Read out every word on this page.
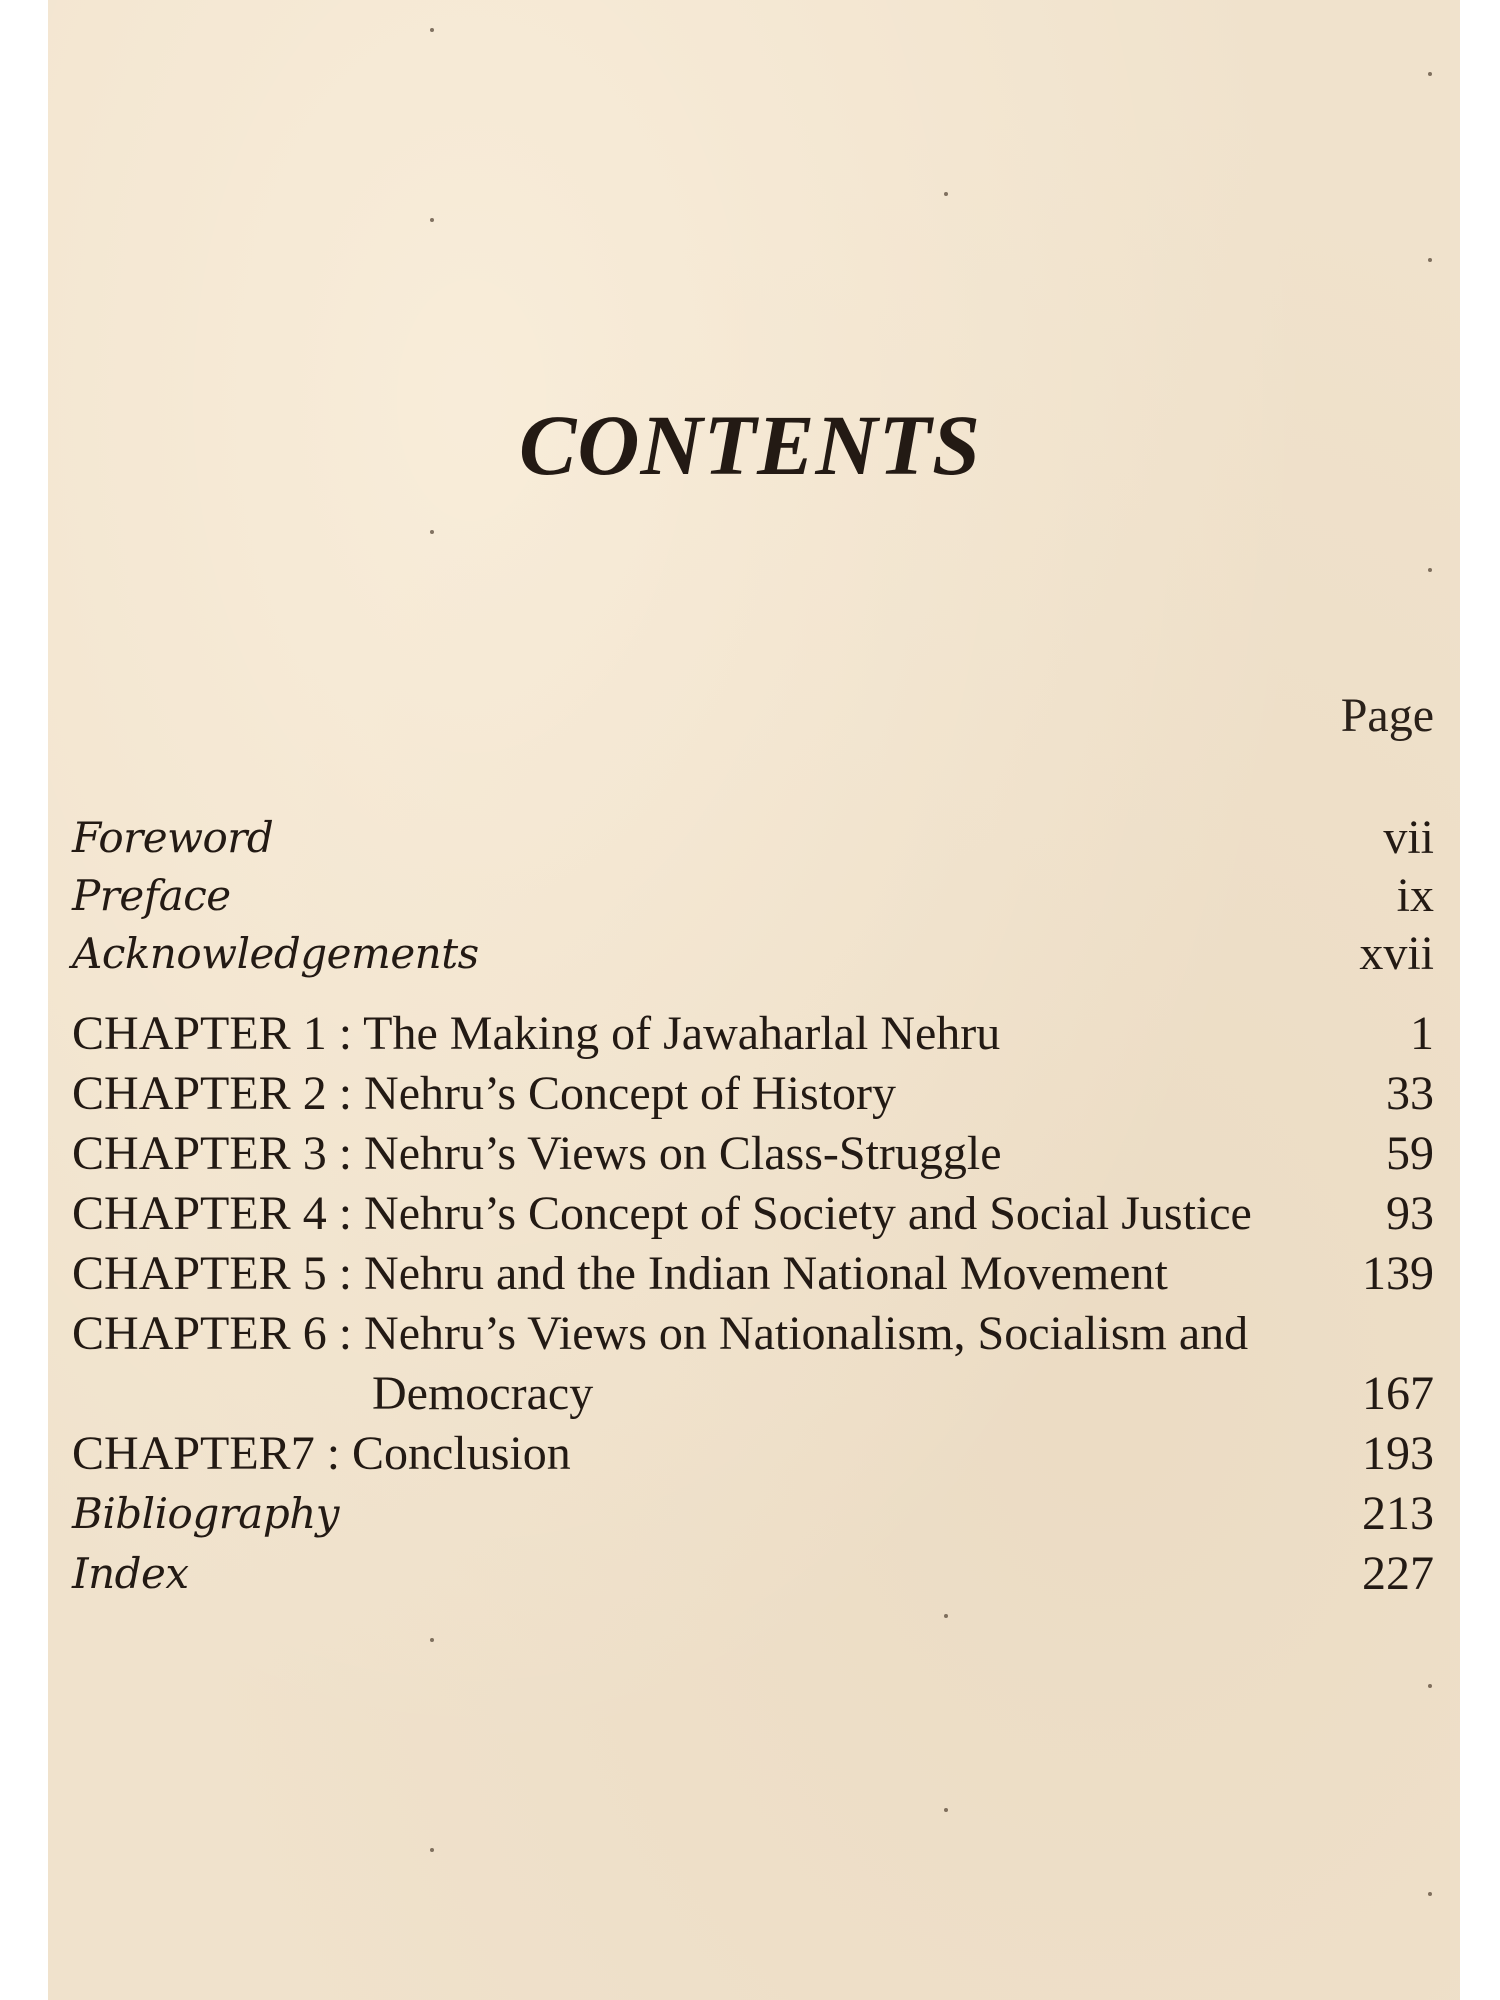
CONTENTS
Page
Foreword	vii
Preface	ix
Acknowledgements	xvii
CHAPTER 1 : The Making of Jawaharlal Nehru	1
CHAPTER 2 : Nehru’s Concept of History	33
CHAPTER 3 : Nehru’s Views on Class-Struggle	59
CHAPTER 4 : Nehru’s Concept of Society and Social Justice	93
CHAPTER 5 : Nehru and the Indian National Movement	139
CHAPTER 6 : Nehru’s Views on Nationalism, Socialism and
Democracy	167
CHAPTER7 : Conclusion	193
Bibliography	213
Index	227
